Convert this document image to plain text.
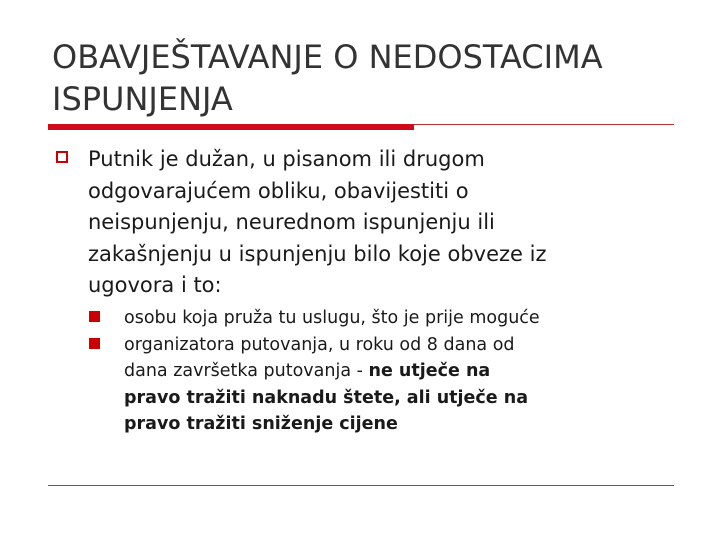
OBAVJEŠTAVANJE O NEDOSTACIMA
ISPUNJENJA
Putnik je dužan, u pisanom ili drugom
odgovarajućem obliku, obavijestiti o
neispunjenju, neurednom ispunjenju ili
zakašnjenju u ispunjenju bilo koje obveze iz
ugovora i to:
osobu koja pruža tu uslugu, što je prije moguće
organizatora putovanja, u roku od 8 dana od
dana završetka putovanja - ne utječe na
pravo tražiti naknadu štete, ali utječe na
pravo tražiti sniženje cijene
